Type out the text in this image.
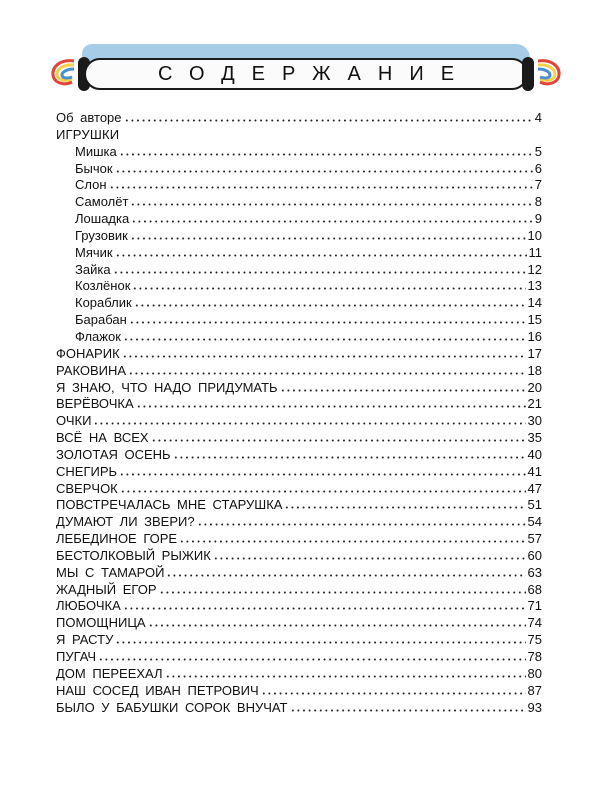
СОДЕРЖАНИЕ
Об авторе	4
ИГРУШКИ
Мишка	5
Бычок	6
Слон	7
Самолёт	8
Лошадка	9
Грузовик	10
Мячик	11
Зайка	12
Козлёнок	13
Кораблик	14
Барабан	15
Флажок	16
ФОНАРИК	17
РАКОВИНА	18
Я ЗНАЮ, ЧТО НАДО ПРИДУМАТЬ	20
ВЕРЁВОЧКА	21
ОЧКИ	30
ВСЁ НА ВСЕХ	35
ЗОЛОТАЯ ОСЕНЬ	40
СНЕГИРЬ	41
СВЕРЧОК	47
ПОВСТРЕЧАЛАСЬ МНЕ СТАРУШКА	51
ДУМАЮТ ЛИ ЗВЕРИ?	54
ЛЕБЕДИНОЕ ГОРЕ	57
БЕСТОЛКОВЫЙ РЫЖИК	60
МЫ С ТАМАРОЙ	63
ЖАДНЫЙ ЕГОР	68
ЛЮБОЧКА	71
ПОМОЩНИЦА	74
Я РАСТУ	75
ПУГАЧ	78
ДОМ ПЕРЕЕХАЛ	80
НАШ СОСЕД ИВАН ПЕТРОВИЧ	87
БЫЛО У БАБУШКИ СОРОК ВНУЧАТ	93
